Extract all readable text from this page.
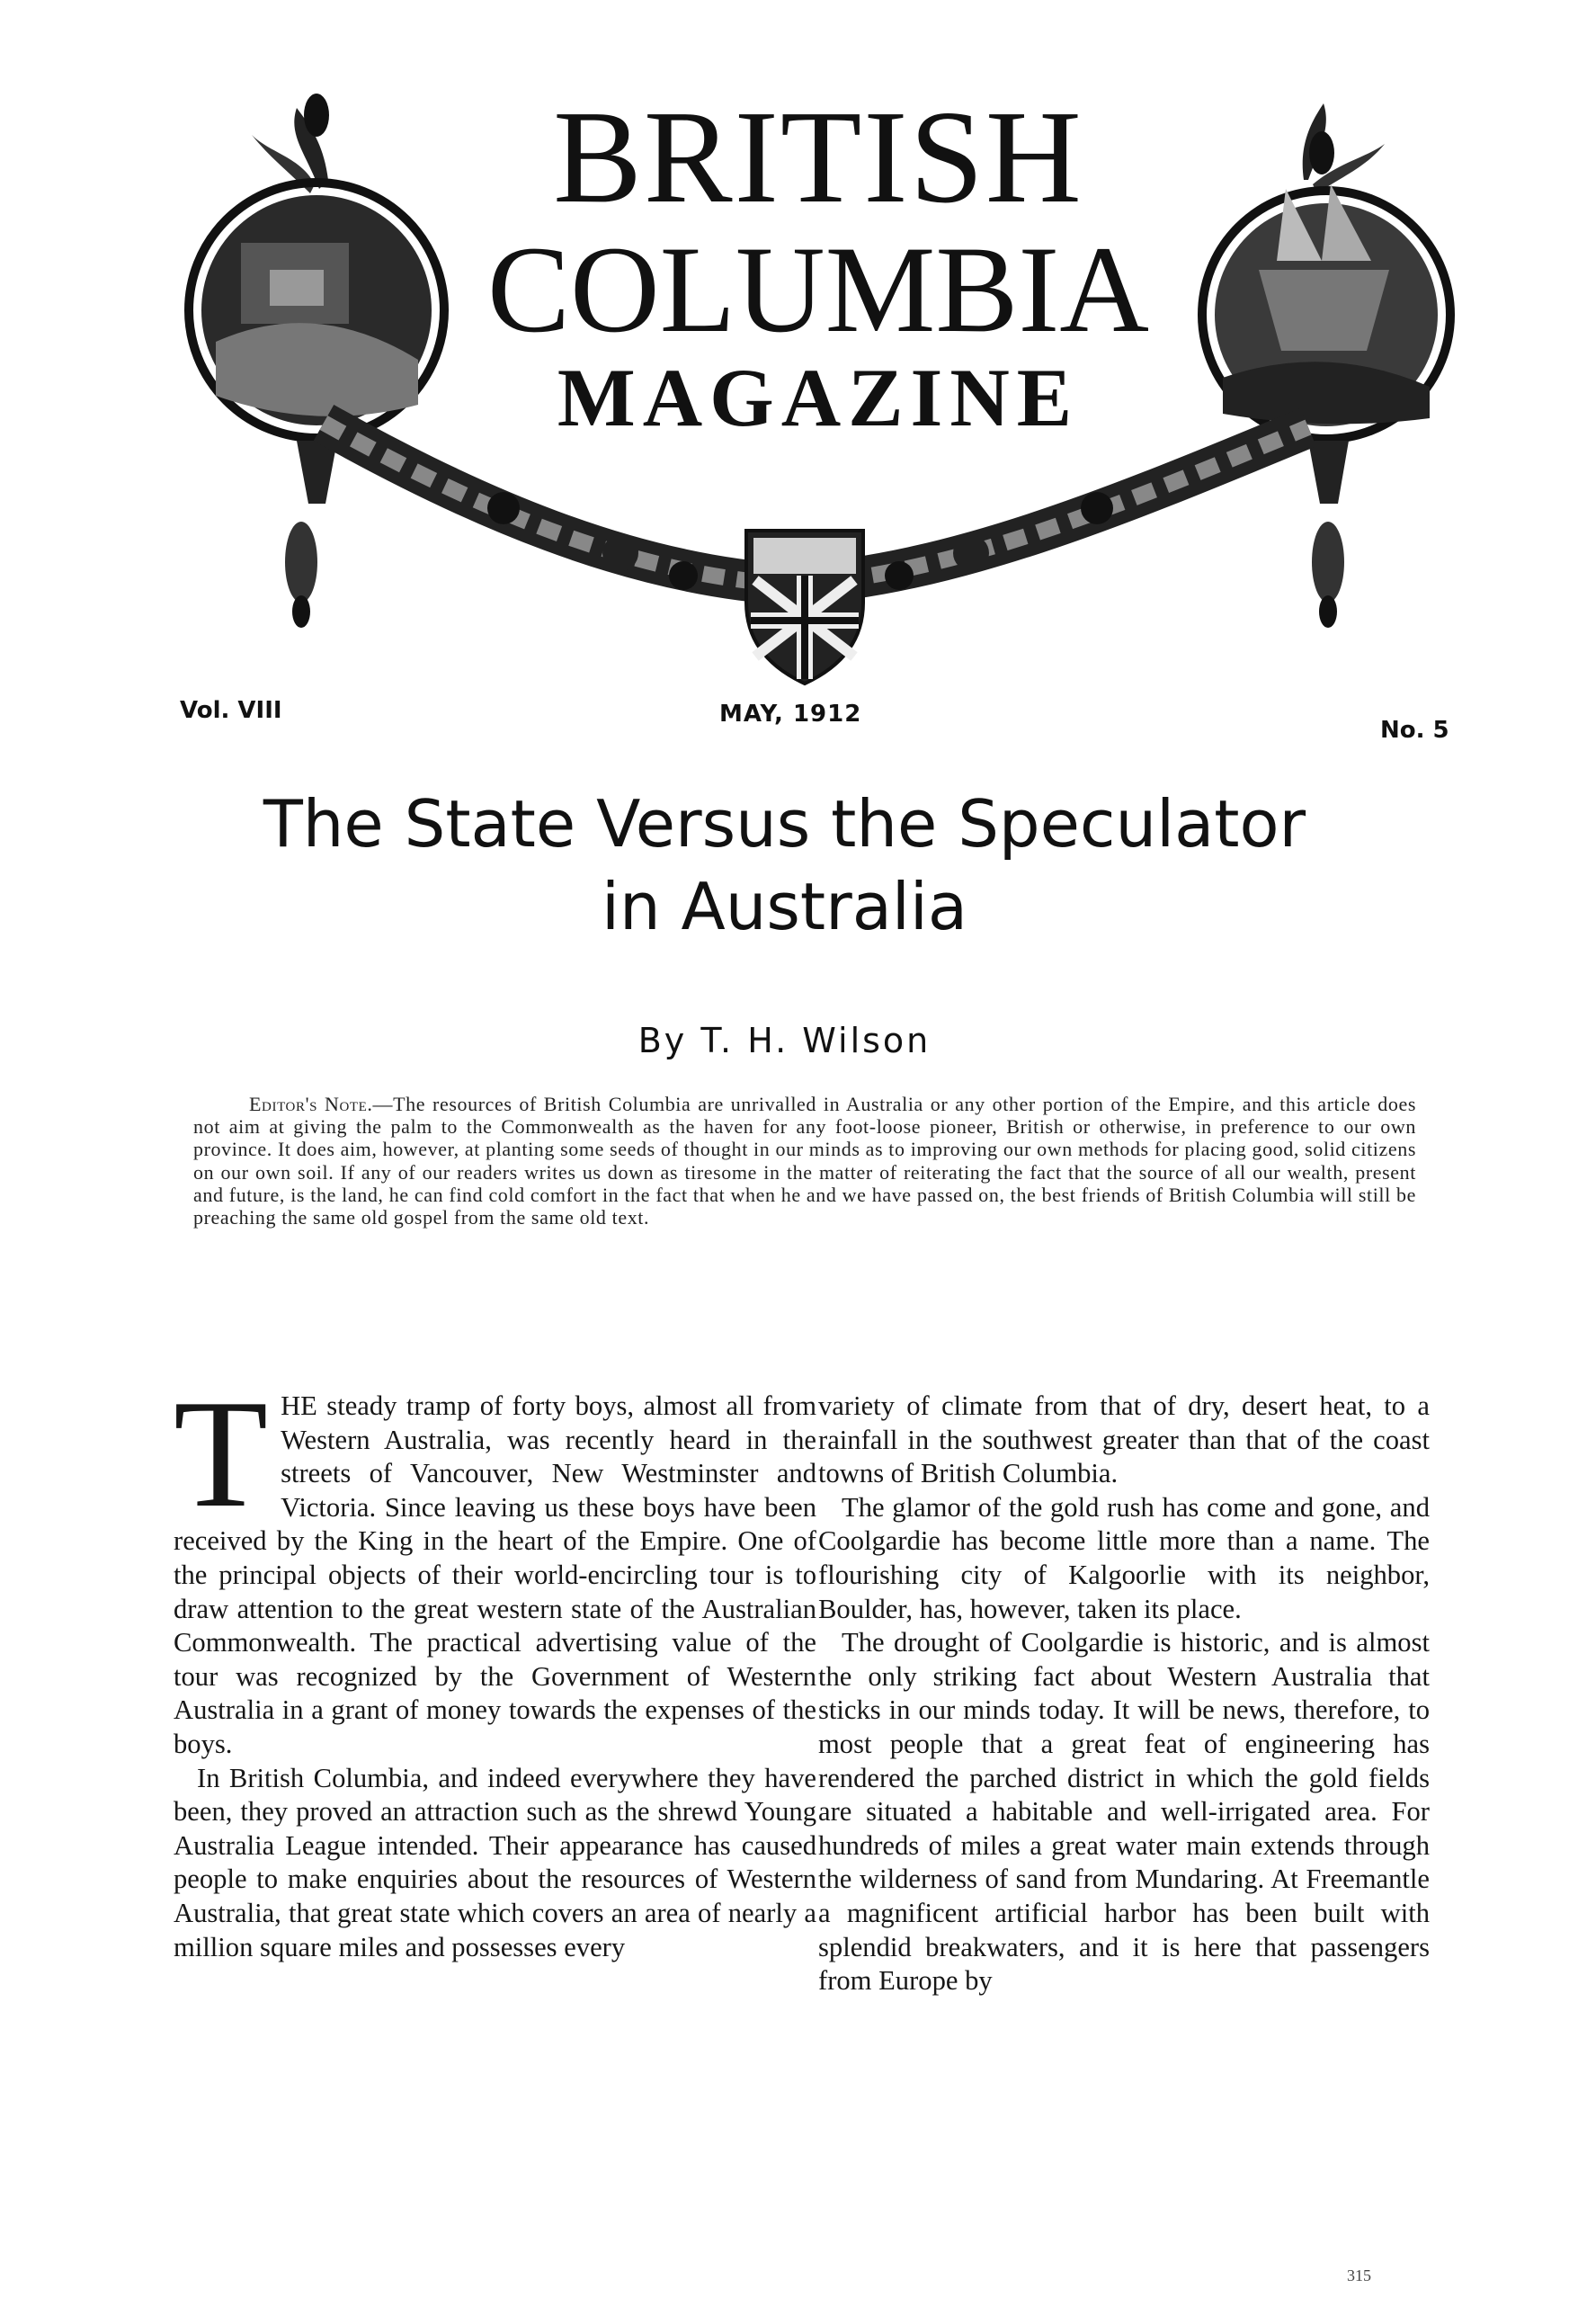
BRITISH
COLUMBIA
MAGAZINE
Vol. VIII	MAY, 1912
No. 5
The State Versus the Speculator
in Australia
By T. H. Wilson
Editor's Note.—The resources of British Columbia are unrivalled in Australia or any other portion of the Empire, and this article does not aim at giving the palm to the Commonwealth as the haven for any foot-loose pioneer, British or otherwise, in preference to our own province. It does aim, however, at planting some seeds of thought in our minds as to improving our own methods for placing good, solid citizens on our own soil. If any of our readers writes us down as tiresome in the matter of reiterating the fact that the source of all our wealth, present and future, is the land, he can find cold comfort in the fact that when he and we have passed on, the best friends of British Columbia will still be preaching the same old gospel from the same old text.

THE steady tramp of forty boys, almost all from Western Australia, was recently heard in the streets of Vancouver, New Westminster and Victoria. Since leaving us these boys have been received by the King in the heart of the Empire. One of the principal objects of their world-encircling tour is to draw attention to the great western state of the Australian Commonwealth. The practical advertising value of the tour was recognized by the Government of Western Australia in a grant of money towards the expenses of the boys.

In British Columbia, and indeed everywhere they have been, they proved an attraction such as the shrewd Young Australia League intended. Their appearance has caused people to make enquiries about the resources of Western Australia, that great state which covers an area of nearly a million square miles and possesses every

variety of climate from that of dry, desert heat, to a rainfall in the southwest greater than that of the coast towns of British Columbia.

The glamor of the gold rush has come and gone, and Coolgardie has become little more than a name. The flourishing city of Kalgoorlie with its neighbor, Boulder, has, however, taken its place.

The drought of Coolgardie is historic, and is almost the only striking fact about Western Australia that sticks in our minds today. It will be news, therefore, to most people that a great feat of engineering has rendered the parched district in which the gold fields are situated a habitable and well-irrigated area. For hundreds of miles a great water main extends through the wilderness of sand from Mundaring. At Freemantle a magnificent artificial harbor has been built with splendid breakwaters, and it is here that passengers from Europe by

315
